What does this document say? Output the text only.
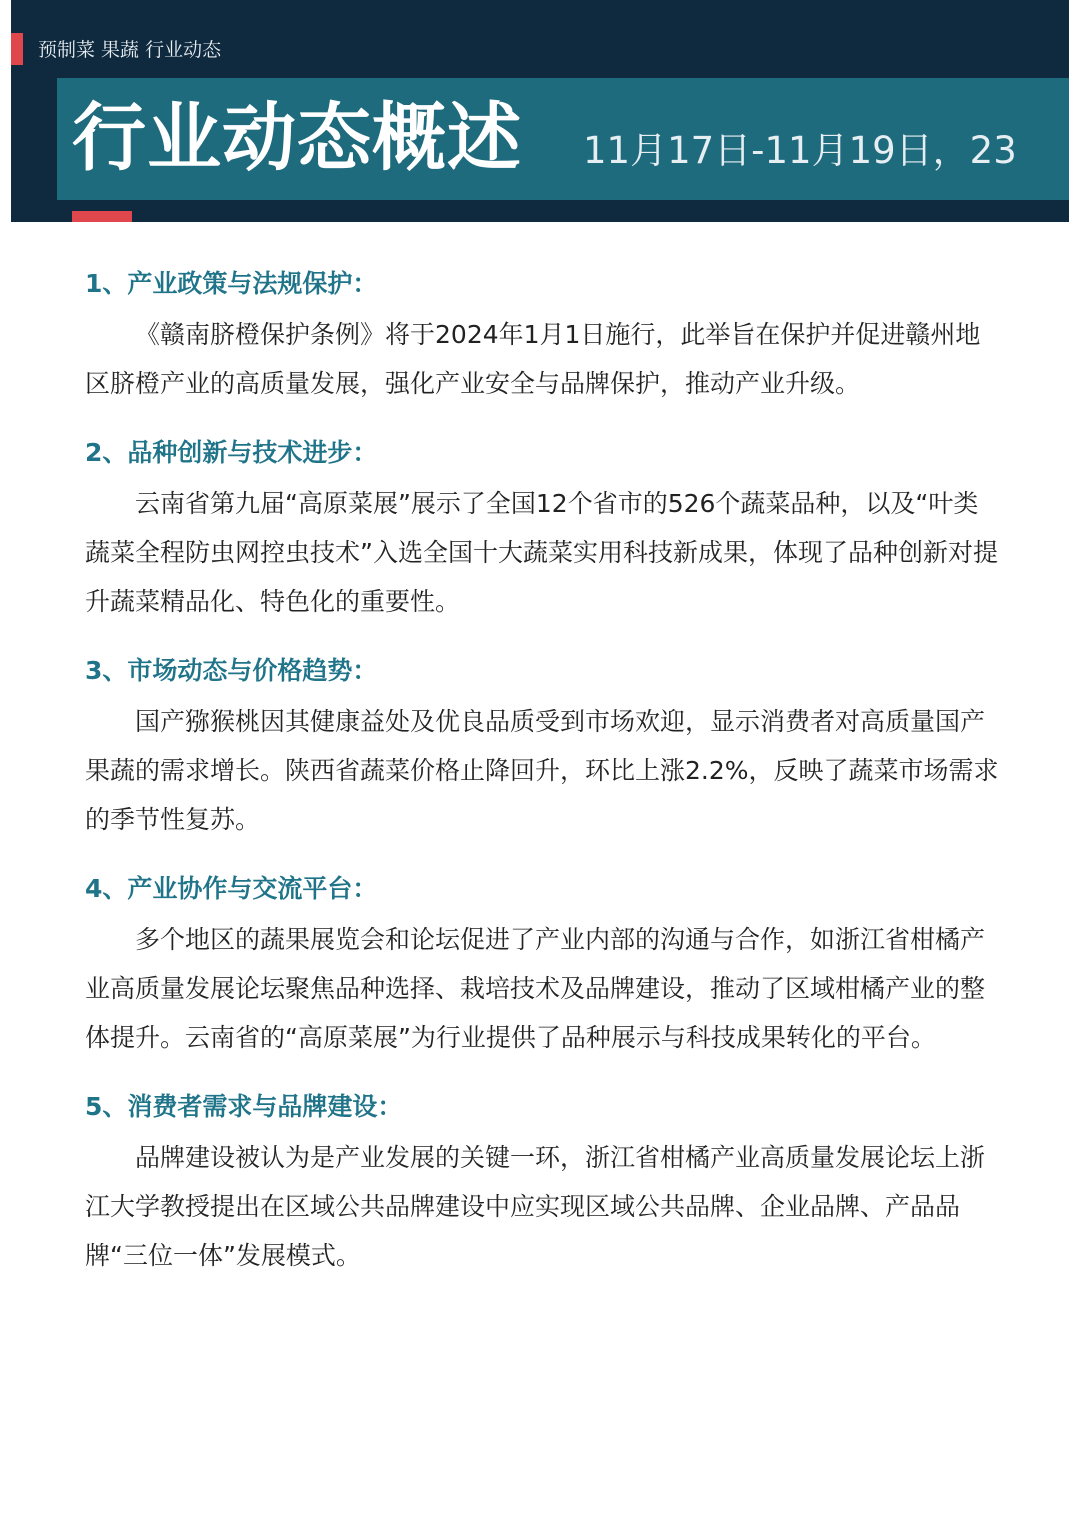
预制菜 果蔬 行业动态
行业动态概述 11月17日-11月19日，23
1、产业政策与法规保护：

《赣南脐橙保护条例》将于2024年1月1日施行，此举旨在保护并促进赣州地区脐橙产业的高质量发展，强化产业安全与品牌保护，推动产业升级。

2、品种创新与技术进步：

云南省第九届“高原菜展”展示了全国12个省市的526个蔬菜品种，以及“叶类蔬菜全程防虫网控虫技术”入选全国十大蔬菜实用科技新成果，体现了品种创新对提升蔬菜精品化、特色化的重要性。

3、市场动态与价格趋势：

国产猕猴桃因其健康益处及优良品质受到市场欢迎，显示消费者对高质量国产果蔬的需求增长。陕西省蔬菜价格止降回升，环比上涨2.2%，反映了蔬菜市场需求的季节性复苏。

4、产业协作与交流平台：

多个地区的蔬果展览会和论坛促进了产业内部的沟通与合作，如浙江省柑橘产业高质量发展论坛聚焦品种选择、栽培技术及品牌建设，推动了区域柑橘产业的整体提升。云南省的“高原菜展”为行业提供了品种展示与科技成果转化的平台。

5、消费者需求与品牌建设：

品牌建设被认为是产业发展的关键一环，浙江省柑橘产业高质量发展论坛上浙江大学教授提出在区域公共品牌建设中应实现区域公共品牌、企业品牌、产品品牌“三位一体”发展模式。
